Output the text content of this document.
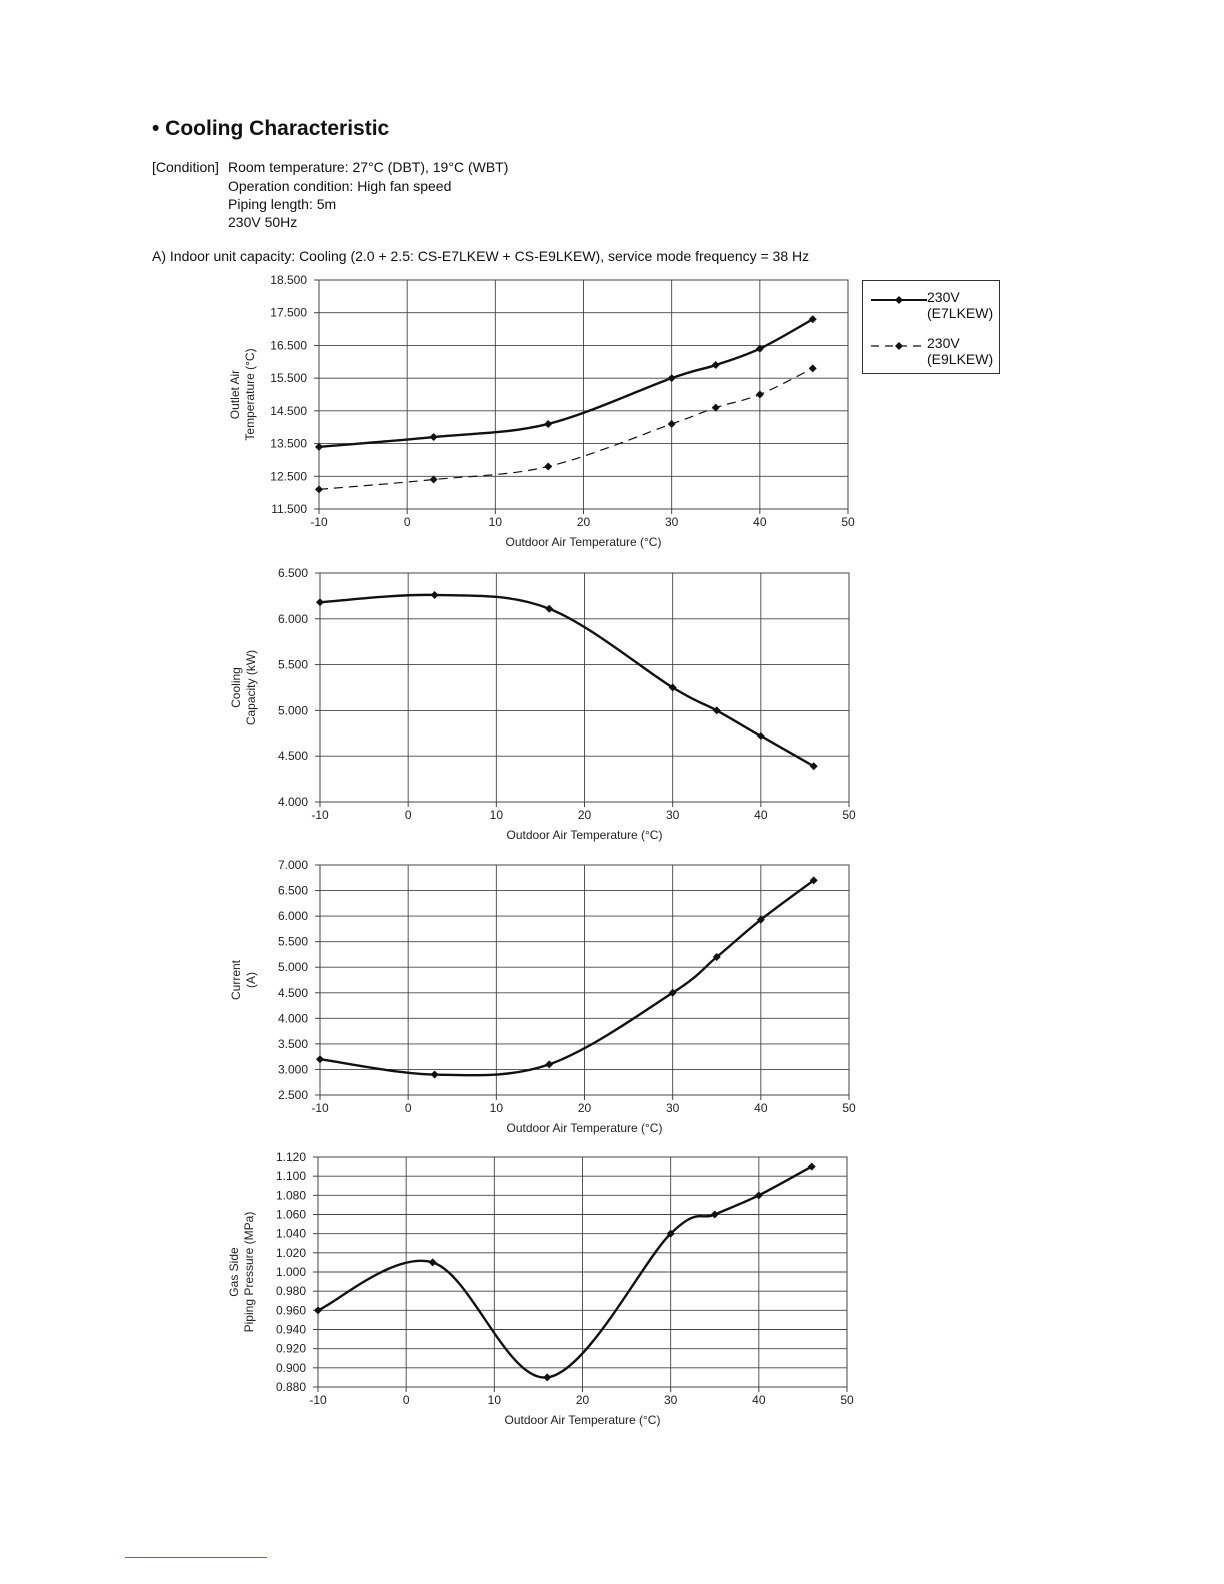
• Cooling Characteristic
[Condition] Room temperature: 27°C (DBT), 19°C (WBT)
Operation condition: High fan speed
Piping length: 5m
230V 50Hz
A) Indoor unit capacity: Cooling (2.0 + 2.5: CS-E7LKEW + CS-E9LKEW), service mode frequency = 38 Hz
11.500
12.500
13.500
14.500
15.500
16.500
17.500
18.500
-10	0	10	20	30	40	50
Outdoor Air Temperature (°C)
Outlet Air Temperature (°C)
4.000
4.500
5.000
5.500
6.000
6.500
-10	0	10	20	30	40	50
Outdoor Air Temperature (°C)
Cooling Capacity (kW)
2.500
3.000
3.500
4.000
4.500
5.000
5.500
6.000
6.500
7.000
-10	0	10	20	30	40	50
Outdoor Air Temperature (°C)
Current (A)
0.880
0.900
0.920
0.940
0.960
0.980
1.000
1.020
1.040
1.060
1.080
1.100
1.120
-10	0	10	20	30	40	50
Outdoor Air Temperature (°C)
Gas Side Piping Pressure (MPa)
230V
(E7LKEW)
230V
(E9LKEW)
